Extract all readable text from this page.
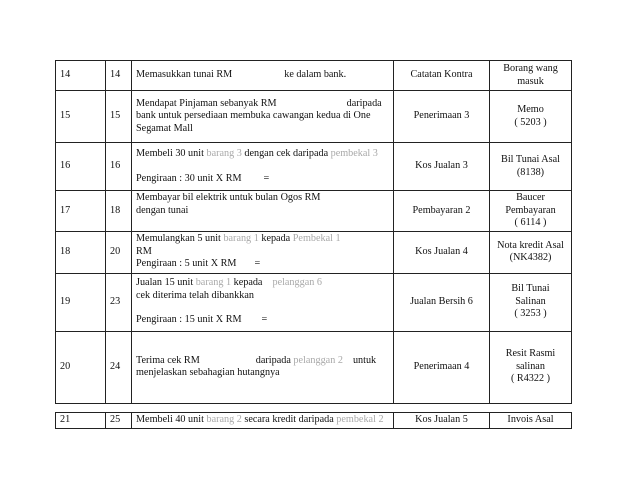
14	14	Memasukkan tunai RM ke dalam bank.	Catatan Kontra	Borang wang
masuk

15	15	Mendapat Pinjaman sebanyak RM daripada
bank untuk persediaan membuka cawangan kedua di One
Segamat Mall	Penerimaan 3	Memo
( 5203 )

16	16	Membeli 30 unit barang 3 dengan cek daripada pembekal 3
Pengiraan : 30 unit X RM =	Kos Jualan 3	Bil Tunai Asal
(8138)

17	18	Membayar bil elektrik untuk bulan Ogos RM
dengan tunai	Pembayaran 2	Baucer
Pembayaran
( 6114 )

18	20	Memulangkan 5 unit barang 1 kepada Pembekal 1
RM
Pengiraan : 5 unit X RM =	Kos Jualan 4	Nota kredit Asal
(NK4382)

19	23	Jualan 15 unit barang 1 kepada pelanggan 6
cek diterima telah dibankkan
Pengiraan : 15 unit X RM =	Jualan Bersih 6	Bil Tunai
Salinan
( 3253 )

20	24	Terima cek RM daripada pelanggan 2 untuk
menjelaskan sebahagian hutangnya	Penerimaan 4	Resit Rasmi
salinan
( R4322 )
21	25	Membeli 40 unit barang 2 secara kredit daripada pembekal 2	Kos Jualan 5	Invois Asal
